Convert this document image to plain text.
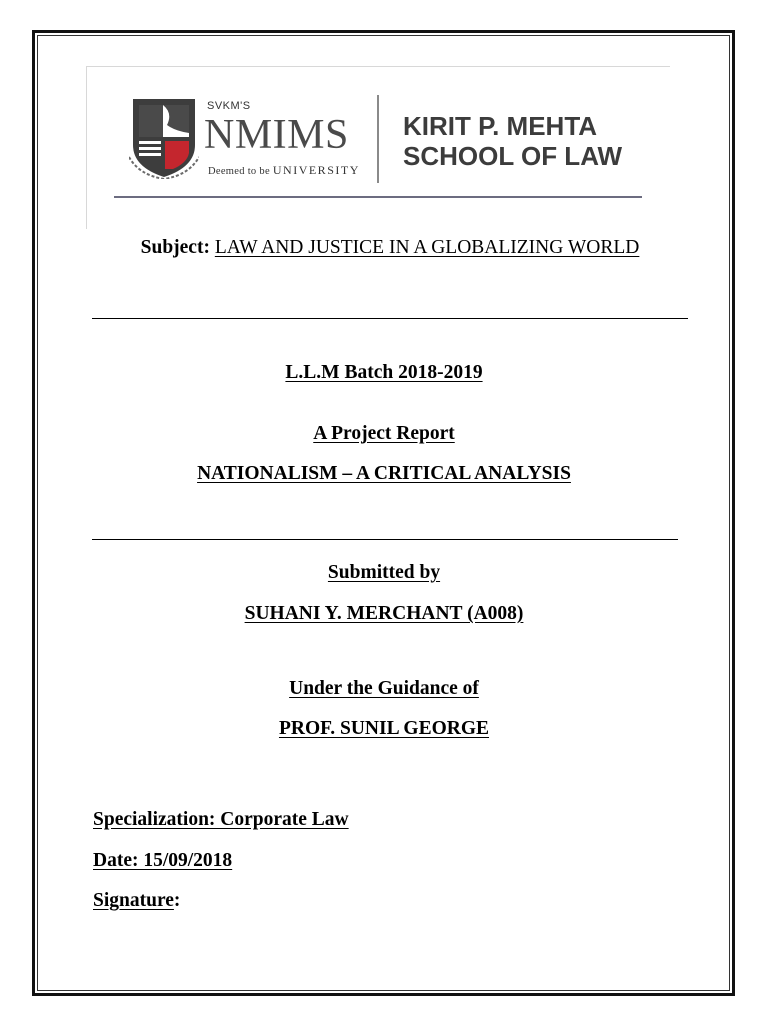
SVKM'S
NMIMS
Deemed to be UNIVERSITY
KIRIT P. MEHTA
SCHOOL OF LAW
Subject: LAW AND JUSTICE IN A GLOBALIZING WORLD
L.L.M Batch 2018-2019
A Project Report
NATIONALISM – A CRITICAL ANALYSIS
Submitted by
SUHANI Y. MERCHANT (A008)
Under the Guidance of
PROF. SUNIL GEORGE
Specialization: Corporate Law
Date: 15/09/2018
Signature:
